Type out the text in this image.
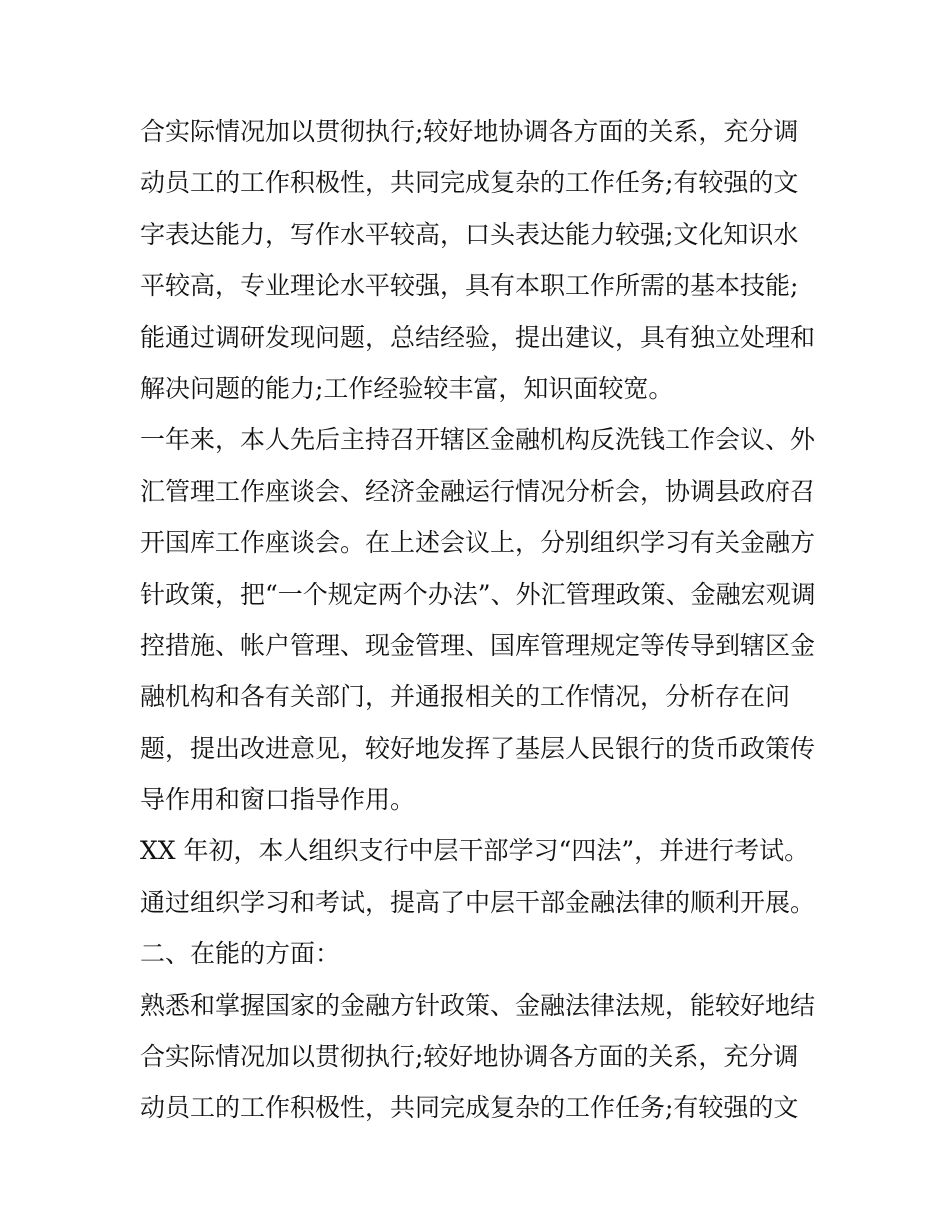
合实际情况加以贯彻执行;较好地协调各方面的关系，充分调
动员工的工作积极性，共同完成复杂的工作任务;有较强的文
字表达能力，写作水平较高，口头表达能力较强;文化知识水
平较高，专业理论水平较强，具有本职工作所需的基本技能;
能通过调研发现问题，总结经验，提出建议，具有独立处理和
解决问题的能力;工作经验较丰富，知识面较宽。
一年来，本人先后主持召开辖区金融机构反洗钱工作会议、外
汇管理工作座谈会、经济金融运行情况分析会，协调县政府召
开国库工作座谈会。在上述会议上，分别组织学习有关金融方
针政策，把“一个规定两个办法”、外汇管理政策、金融宏观调
控措施、帐户管理、现金管理、国库管理规定等传导到辖区金
融机构和各有关部门，并通报相关的工作情况，分析存在问
题，提出改进意见，较好地发挥了基层人民银行的货币政策传
导作用和窗口指导作用。
XX 年初，本人组织支行中层干部学习“四法”，并进行考试。
通过组织学习和考试，提高了中层干部金融法律的顺利开展。
二、在能的方面：
熟悉和掌握国家的金融方针政策、金融法律法规，能较好地结
合实际情况加以贯彻执行;较好地协调各方面的关系，充分调
动员工的工作积极性，共同完成复杂的工作任务;有较强的文
